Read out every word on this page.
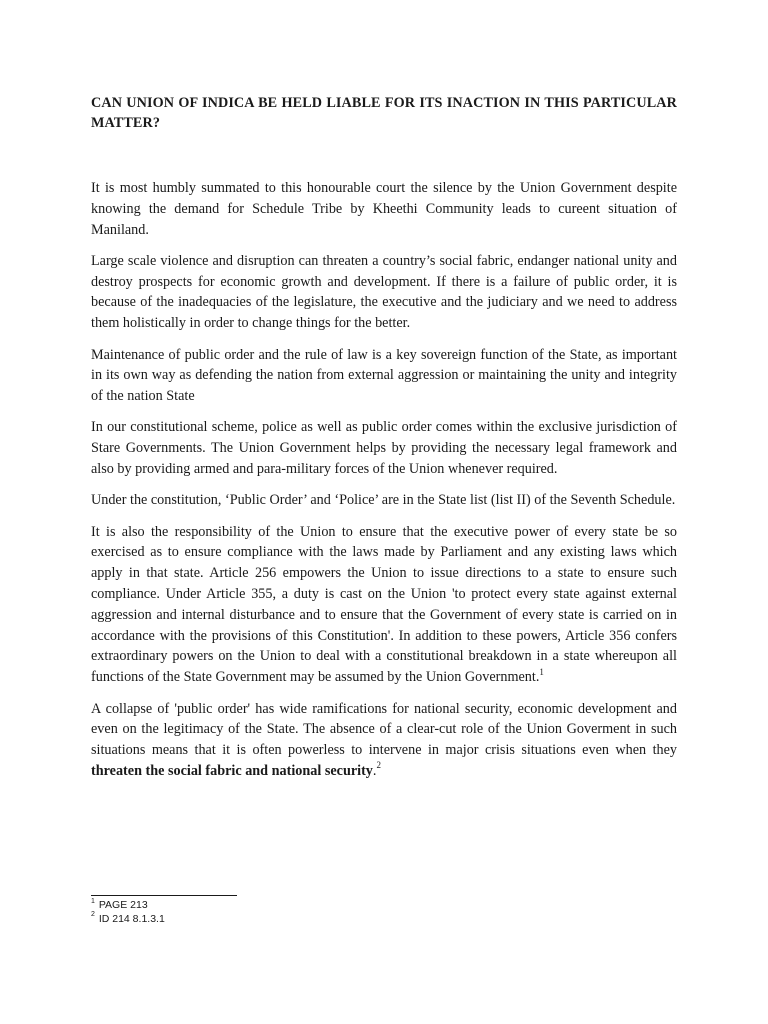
CAN UNION OF INDICA BE HELD LIABLE FOR ITS INACTION IN THIS PARTICULAR MATTER?

It is most humbly summated to this honourable court the silence by the Union Government despite knowing the demand for Schedule Tribe by Kheethi Community leads to cureent situation of Maniland.

Large scale violence and disruption can threaten a country’s social fabric, endanger national unity and destroy prospects for economic growth and development. If there is a failure of public order, it is because of the inadequacies of the legislature, the executive and the judiciary and we need to address them holistically in order to change things for the better.

Maintenance of public order and the rule of law is a key sovereign function of the State, as important in its own way as defending the nation from external aggression or maintaining the unity and integrity of the nation State

In our constitutional scheme, police as well as public order comes within the exclusive jurisdiction of Stare Governments. The Union Government helps by providing the necessary legal framework and also by providing armed and para-military forces of the Union whenever required.

Under the constitution, ‘Public Order’ and ‘Police’ are in the State list (list II) of the Seventh Schedule.

It is also the responsibility of the Union to ensure that the executive power of every state be so exercised as to ensure compliance with the laws made by Parliament and any existing laws which apply in that state. Article 256 empowers the Union to issue directions to a state to ensure such compliance. Under Article 355, a duty is cast on the Union 'to protect every state against external aggression and internal disturbance and to ensure that the Government of every state is carried on in accordance with the provisions of this Constitution'. In addition to these powers, Article 356 confers extraordinary powers on the Union to deal with a constitutional breakdown in a state whereupon all functions of the State Government may be assumed by the Union Government.$^1$

A collapse of 'public order' has wide ramifications for national security, economic development and even on the legitimacy of the State. The absence of a clear-cut role of the Union Goverment in such situations means that it is often powerless to intervene in major crisis situations even when they threaten the social fabric and national security.$^2$

$^1$ PAGE 213
$^2$ ID 214 8.1.3.1
